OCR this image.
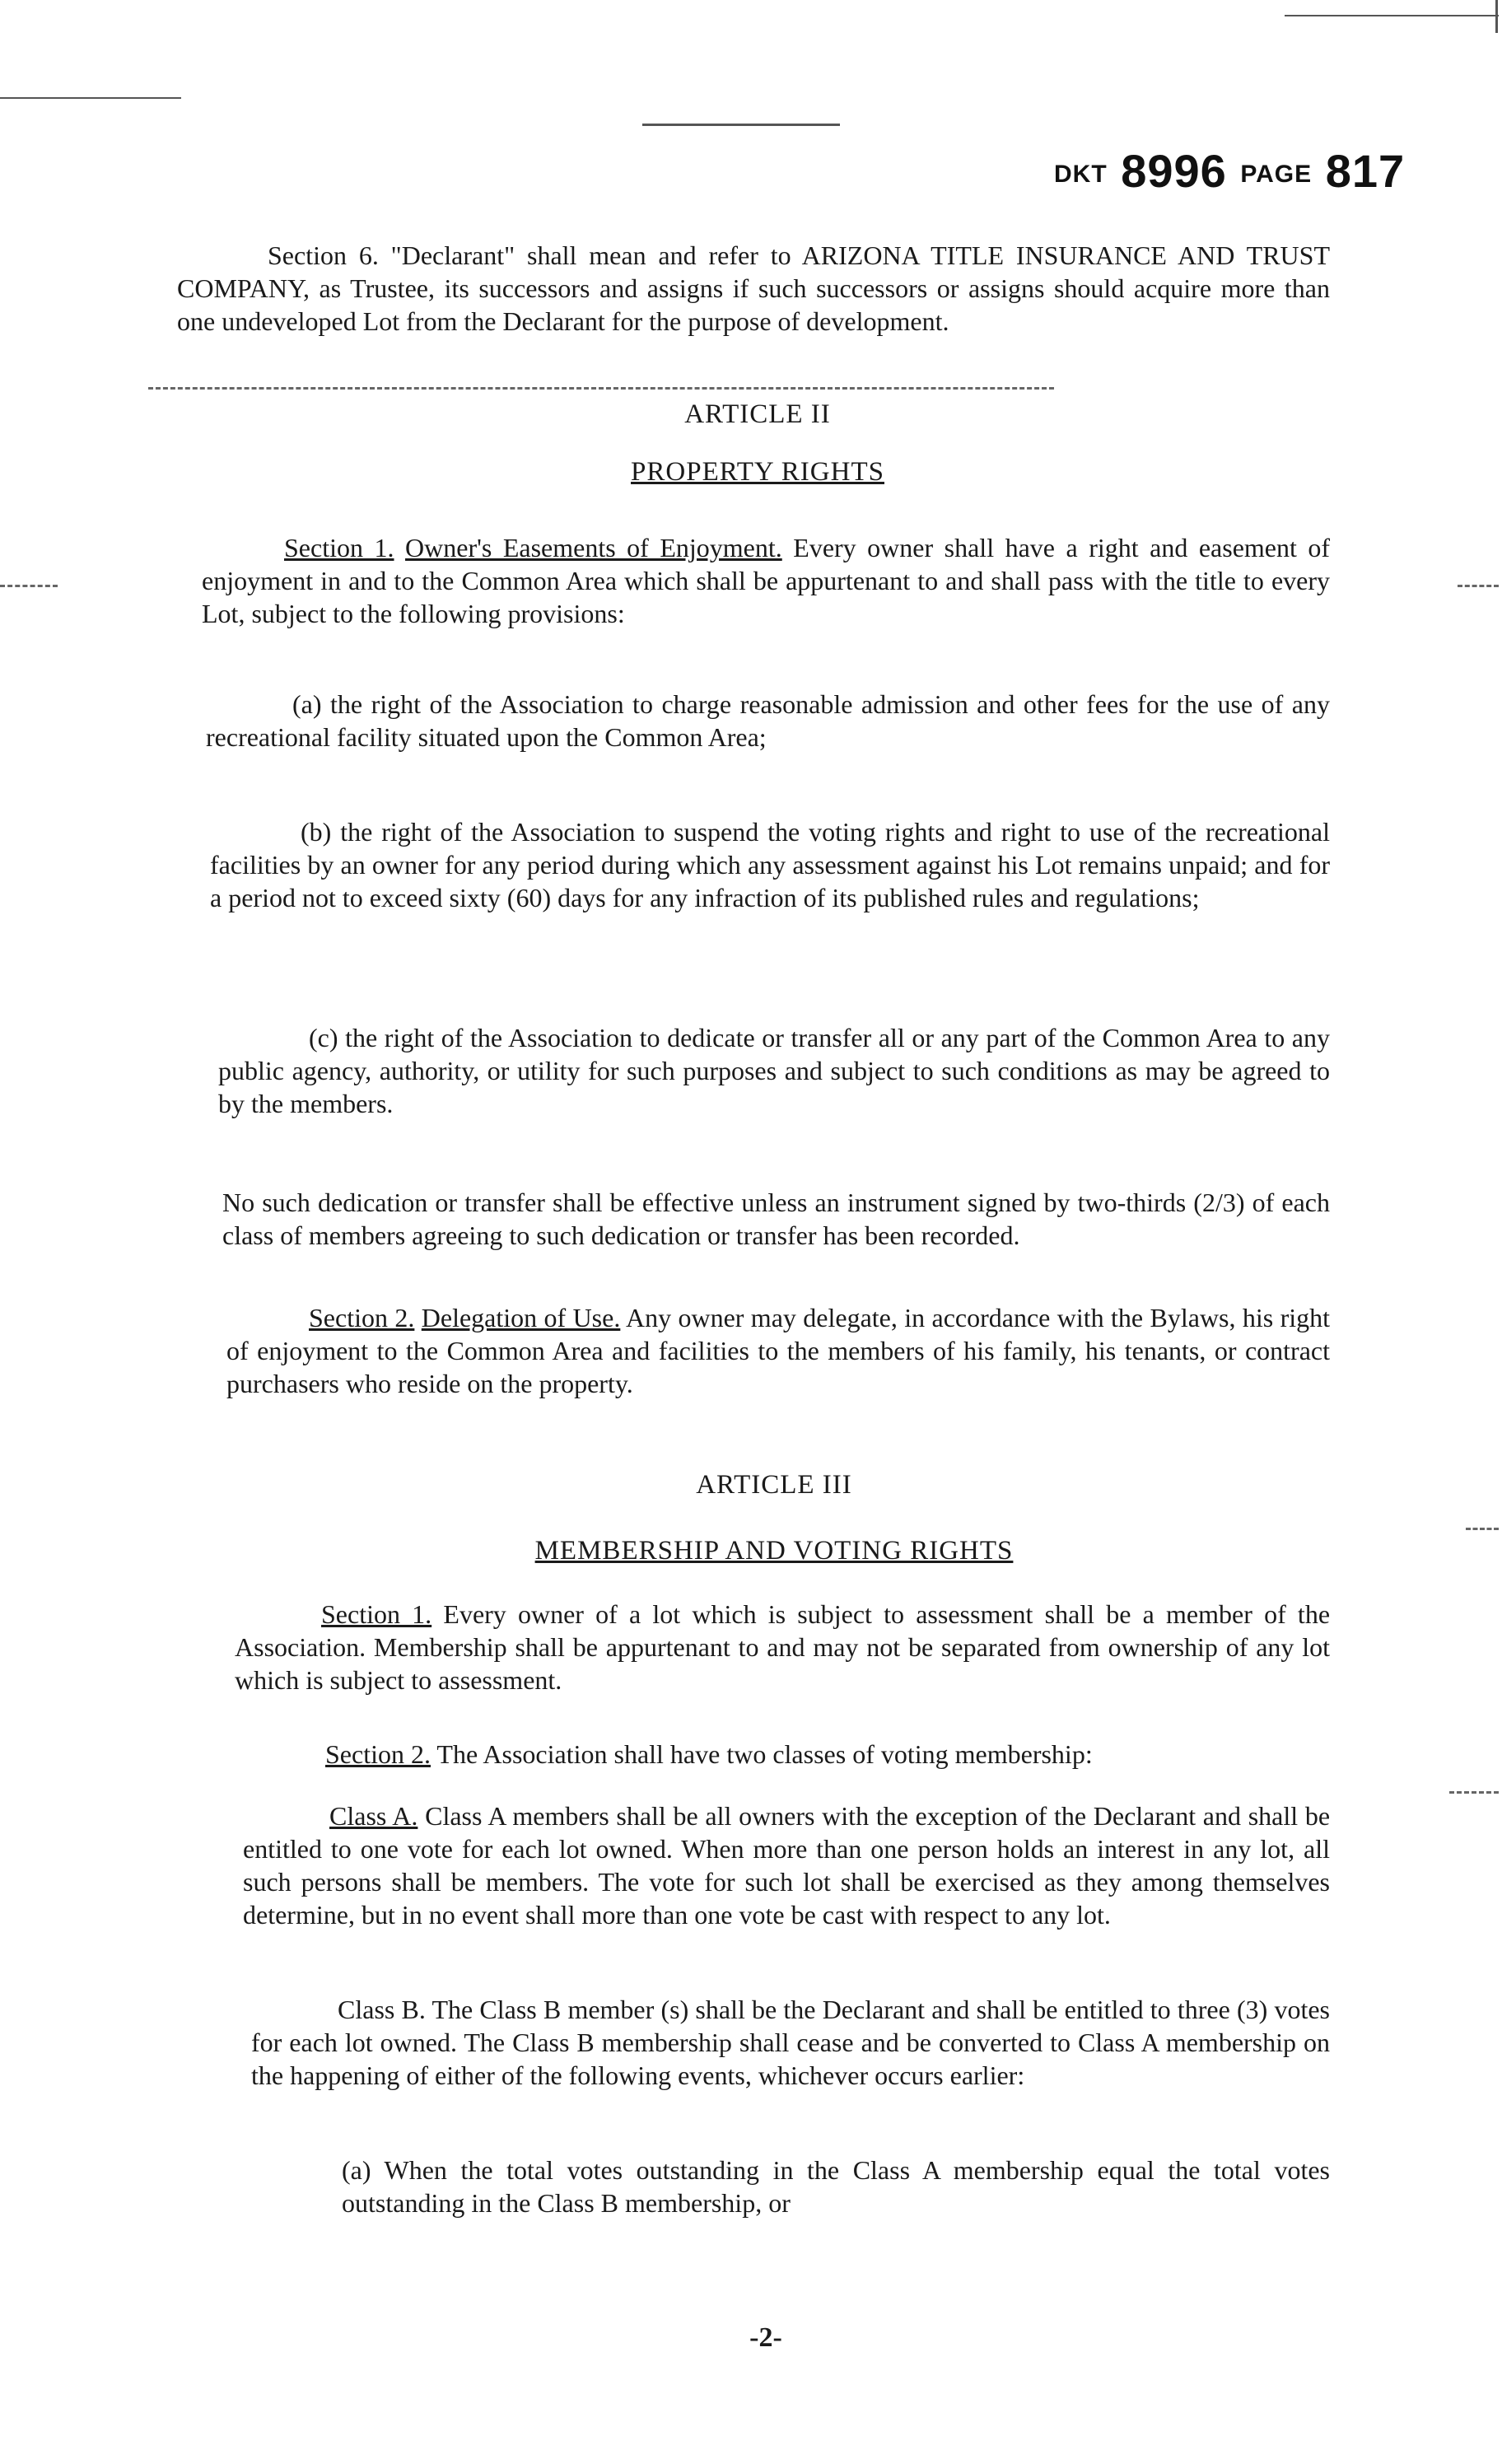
DKT 8996 PAGE 817

Section 6. "Declarant" shall mean and refer to ARIZONA TITLE INSURANCE AND TRUST COMPANY, as Trustee, its successors and assigns if such successors or assigns should acquire more than one undeveloped Lot from the Declarant for the purpose of development.

ARTICLE II
PROPERTY RIGHTS

Section 1. Owner's Easements of Enjoyment. Every owner shall have a right and easement of enjoyment in and to the Common Area which shall be appurtenant to and shall pass with the title to every Lot, subject to the following provisions:

(a) the right of the Association to charge reasonable admission and other fees for the use of any recreational facility situated upon the Common Area;

(b) the right of the Association to suspend the voting rights and right to use of the recreational facilities by an owner for any period during which any assessment against his Lot remains unpaid; and for a period not to exceed sixty (60) days for any infraction of its published rules and regulations;

(c) the right of the Association to dedicate or transfer all or any part of the Common Area to any public agency, authority, or utility for such purposes and subject to such conditions as may be agreed to by the members.

No such dedication or transfer shall be effective unless an instrument signed by two-thirds (2/3) of each class of members agreeing to such dedication or transfer has been recorded.

Section 2. Delegation of Use. Any owner may delegate, in accordance with the Bylaws, his right of enjoyment to the Common Area and facilities to the members of his family, his tenants, or contract purchasers who reside on the property.

ARTICLE III
MEMBERSHIP AND VOTING RIGHTS

Section 1. Every owner of a lot which is subject to assessment shall be a member of the Association. Membership shall be appurtenant to and may not be separated from ownership of any lot which is subject to assessment.

Section 2. The Association shall have two classes of voting membership:

Class A. Class A members shall be all owners with the exception of the Declarant and shall be entitled to one vote for each lot owned. When more than one person holds an interest in any lot, all such persons shall be members. The vote for such lot shall be exercised as they among themselves determine, but in no event shall more than one vote be cast with respect to any lot.

Class B. The Class B member (s) shall be the Declarant and shall be entitled to three (3) votes for each lot owned. The Class B membership shall cease and be converted to Class A membership on the happening of either of the following events, whichever occurs earlier:

(a) When the total votes outstanding in the Class A membership equal the total votes outstanding in the Class B membership, or

-2-
